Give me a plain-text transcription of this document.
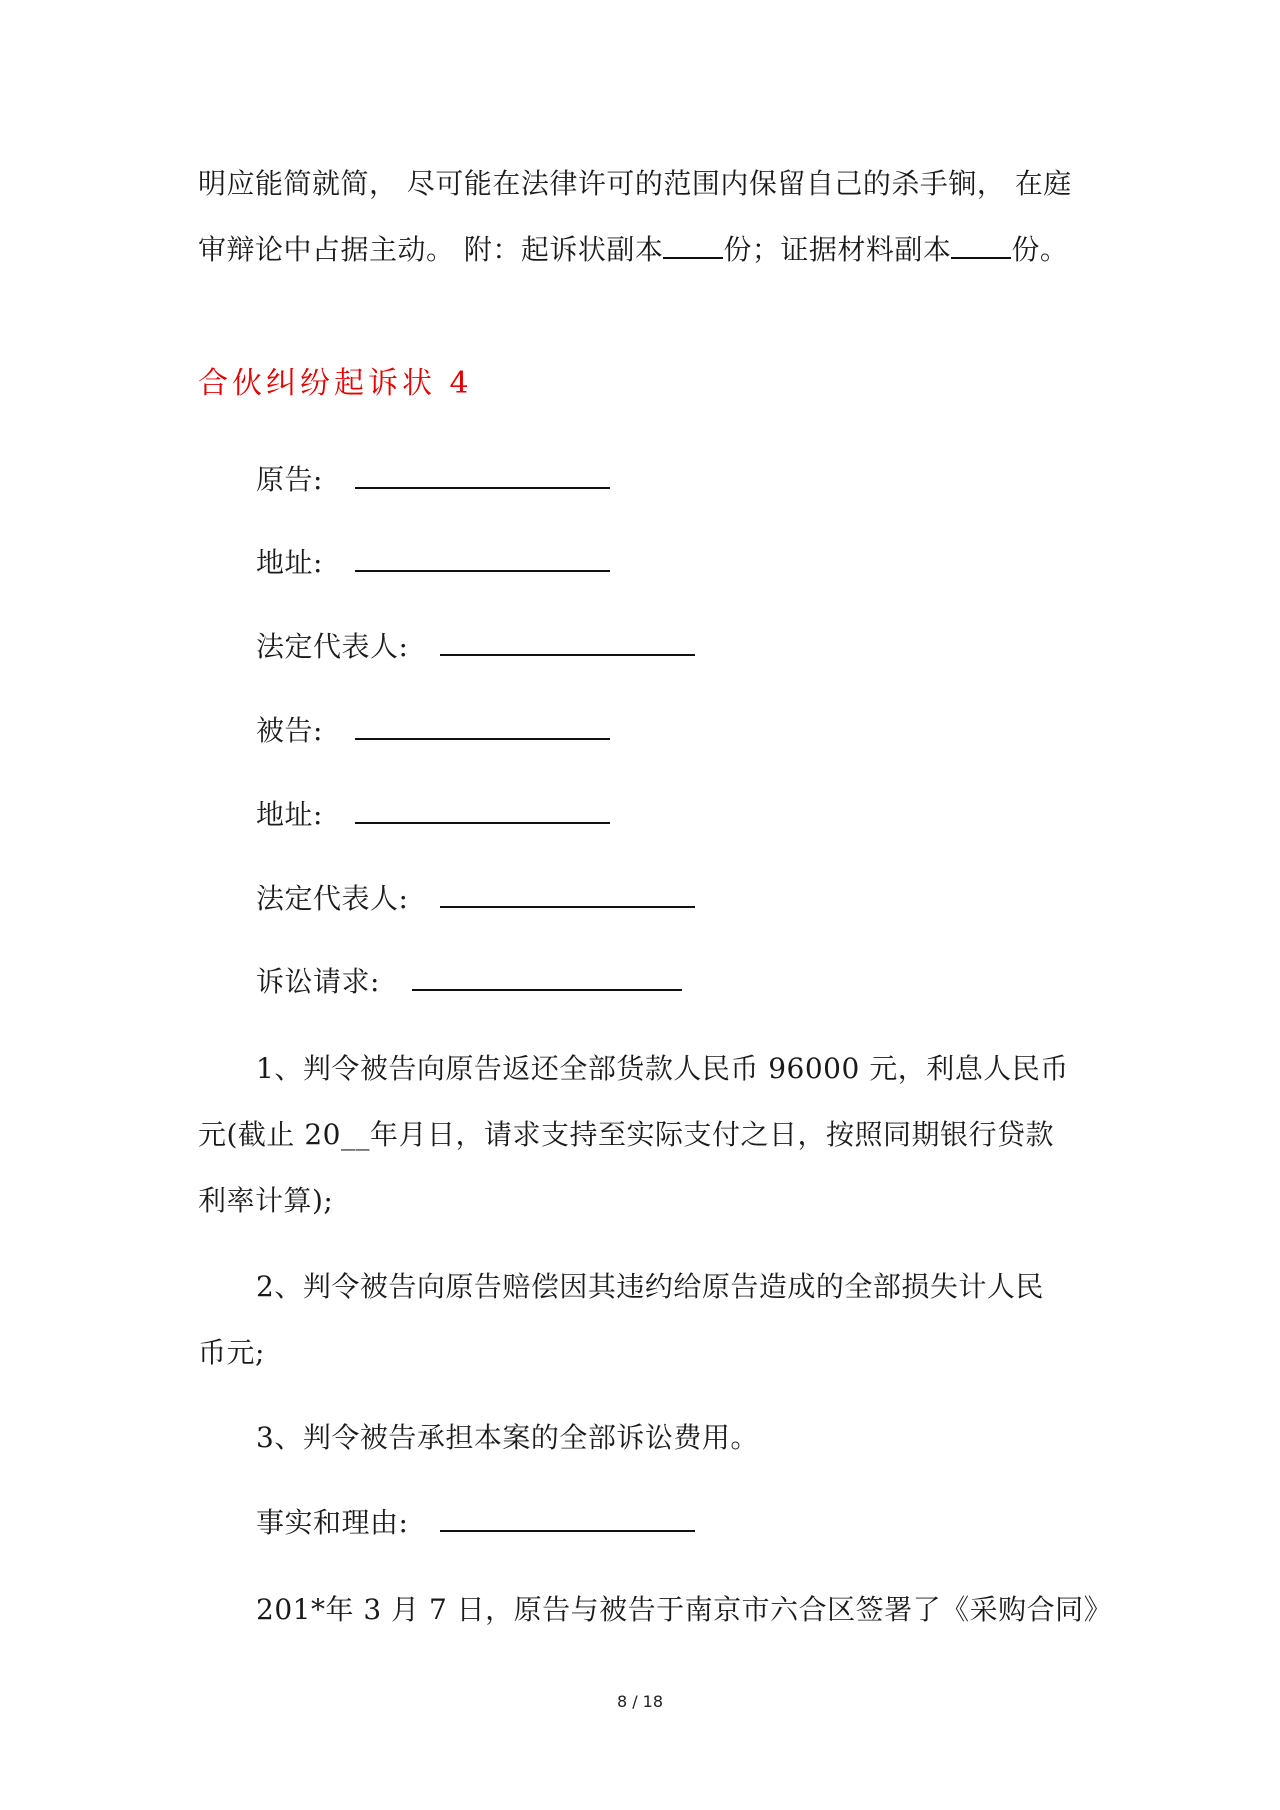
明应能简就简， 尽可能在法律许可的范围内保留自己的杀手锏， 在庭
审辩论中占据主动。 附：起诉状副本 份；证据材料副本 份。
合伙纠纷起诉状 4
原告:
地址:
法定代表人:
被告:
地址:
法定代表人:
诉讼请求:
1、判令被告向原告返还全部货款人民币 96000 元，利息人民币
元(截止 20__年月日，请求支持至实际支付之日，按照同期银行贷款
利率计算);
2、判令被告向原告赔偿因其违约给原告造成的全部损失计人民
币元;
3、判令被告承担本案的全部诉讼费用。
事实和理由:
201*年 3 月 7 日，原告与被告于南京市六合区签署了《采购合同》
8 / 18
